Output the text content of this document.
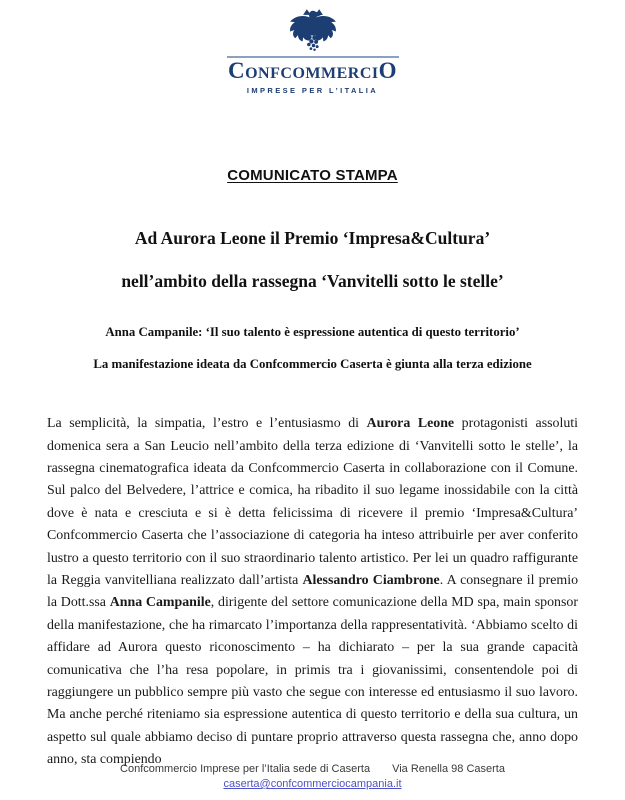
ConfcommerciO
IMPRESE PER L’ITALIA
COMUNICATO STAMPA
Ad Aurora Leone il Premio ‘Impresa&Cultura’
nell’ambito della rassegna ‘Vanvitelli sotto le stelle’
Anna Campanile: ‘Il suo talento è espressione autentica di questo territorio’
La manifestazione ideata da Confcommercio Caserta è giunta alla terza edizione

La semplicità, la simpatia, l’estro e l’entusiasmo di Aurora Leone protagonisti assoluti domenica sera a San Leucio nell’ambito della terza edizione di ‘Vanvitelli sotto le stelle’, la rassegna cinematografica ideata da Confcommercio Caserta in collaborazione con il Comune. Sul palco del Belvedere, l’attrice e comica, ha ribadito il suo legame inossidabile con la città dove è nata e cresciuta e si è detta felicissima di ricevere il premio ‘Impresa&Cultura’ Confcommercio Caserta che l’associazione di categoria ha inteso attribuirle per aver conferito lustro a questo territorio con il suo straordinario talento artistico. Per lei un quadro raffigurante la Reggia vanvitelliana realizzato dall’artista Alessandro Ciambrone. A consegnare il premio la Dott.ssa Anna Campanile, dirigente del settore comunicazione della MD spa, main sponsor della manifestazione, che ha rimarcato l’importanza della rappresentatività. ‘Abbiamo scelto di affidare ad Aurora questo riconoscimento – ha dichiarato – per la sua grande capacità comunicativa che l’ha resa popolare, in primis tra i giovanissimi, consentendole poi di raggiungere un pubblico sempre più vasto che segue con interesse ed entusiasmo il suo lavoro. Ma anche perché riteniamo sia espressione autentica di questo territorio e della sua cultura, un aspetto sul quale abbiamo deciso di puntare proprio attraverso questa rassegna che, anno dopo anno, sta compiendo

Confcommercio Imprese per l’Italia sede di Caserta Via Renella 98 Caserta
caserta@confcommerciocampania.it
